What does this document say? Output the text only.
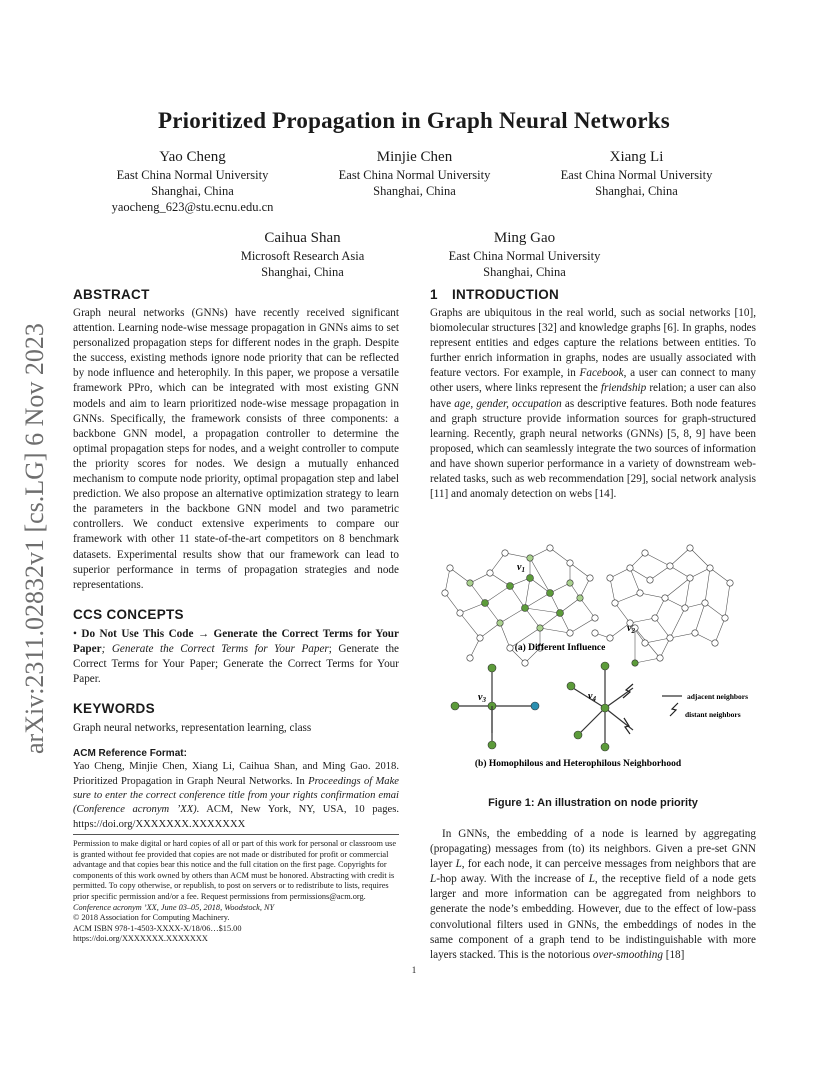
arXiv:2311.02832v1 [cs.LG] 6 Nov 2023
Prioritized Propagation in Graph Neural Networks
Yao Cheng
East China Normal University
Shanghai, China
yaocheng_623@stu.ecnu.edu.cn
Minjie Chen
East China Normal University
Shanghai, China
Xiang Li
East China Normal University
Shanghai, China
Caihua Shan
Microsoft Research Asia
Shanghai, China
Ming Gao
East China Normal University
Shanghai, China
ABSTRACT

Graph neural networks (GNNs) have recently received significant attention. Learning node-wise message propagation in GNNs aims to set personalized propagation steps for different nodes in the graph. Despite the success, existing methods ignore node priority that can be reflected by node influence and heterophily. In this paper, we propose a versatile framework PPro, which can be integrated with most existing GNN models and aim to learn prioritized node-wise message propagation in GNNs. Specifically, the framework consists of three components: a backbone GNN model, a propagation controller to determine the optimal propagation steps for nodes, and a weight controller to compute the priority scores for nodes. We design a mutually enhanced mechanism to compute node priority, optimal propagation step and label prediction. We also propose an alternative optimization strategy to learn the parameters in the backbone GNN model and two parametric controllers. We conduct extensive experiments to compare our framework with other 11 state-of-the-art competitors on 8 benchmark datasets. Experimental results show that our framework can lead to superior performance in terms of propagation strategies and node representations.

CCS CONCEPTS

• Do Not Use This Code → Generate the Correct Terms for Your Paper; Generate the Correct Terms for Your Paper; Generate the Correct Terms for Your Paper; Generate the Correct Terms for Your Paper.

KEYWORDS

Graph neural networks, representation learning, class

ACM Reference Format:

Yao Cheng, Minjie Chen, Xiang Li, Caihua Shan, and Ming Gao. 2018. Prioritized Propagation in Graph Neural Networks. In Proceedings of Make sure to enter the correct conference title from your rights confirmation emai (Conference acronym ’XX). ACM, New York, NY, USA, 10 pages. https://doi.org/XXXXXXX.XXXXXXX

Permission to make digital or hard copies of all or part of this work for personal or classroom use is granted without fee provided that copies are not made or distributed for profit or commercial advantage and that copies bear this notice and the full citation on the first page. Copyrights for components of this work owned by others than ACM must be honored. Abstracting with credit is permitted. To copy otherwise, or republish, to post on servers or to redistribute to lists, requires prior specific permission and/or a fee. Request permissions from permissions@acm.org.

Conference acronym ’XX, June 03–05, 2018, Woodstock, NY

© 2018 Association for Computing Machinery.

ACM ISBN 978-1-4503-XXXX-X/18/06…$15.00

https://doi.org/XXXXXXX.XXXXXXX

1 INTRODUCTION

Graphs are ubiquitous in the real world, such as social networks [10], biomolecular structures [32] and knowledge graphs [6]. In graphs, nodes represent entities and edges capture the relations between entities. To further enrich information in graphs, nodes are usually associated with feature vectors. For example, in Facebook, a user can connect to many other users, where links represent the friendship relation; a user can also have age, gender, occupation as descriptive features. Both node features and graph structure provide information sources for graph-structured learning. Recently, graph neural networks (GNNs) [5, 8, 9] have been proposed, which can seamlessly integrate the two sources of information and have shown superior performance in a variety of downstream web-related tasks, such as web recommendation [29], social network analysis [11] and anomaly detection on webs [14].

$v_1$
$v_2$
(a) Different Influence
$v_3$	$v_4$	adjacent neighbors
distant neighbors
(b) Homophilous and Heterophilous Neighborhood
Figure 1: An illustration on node priority

In GNNs, the embedding of a node is learned by aggregating (propagating) messages from (to) its neighbors. Given a pre-set GNN layer L, for each node, it can perceive messages from neighbors that are L-hop away. With the increase of L, the receptive field of a node gets larger and more information can be aggregated from neighbors to generate the node’s embedding. However, due to the effect of low-pass convolutional filters used in GNNs, the embeddings of nodes in the same component of a graph tend to be indistinguishable with more layers stacked. This is the notorious over-smoothing [18]

1
